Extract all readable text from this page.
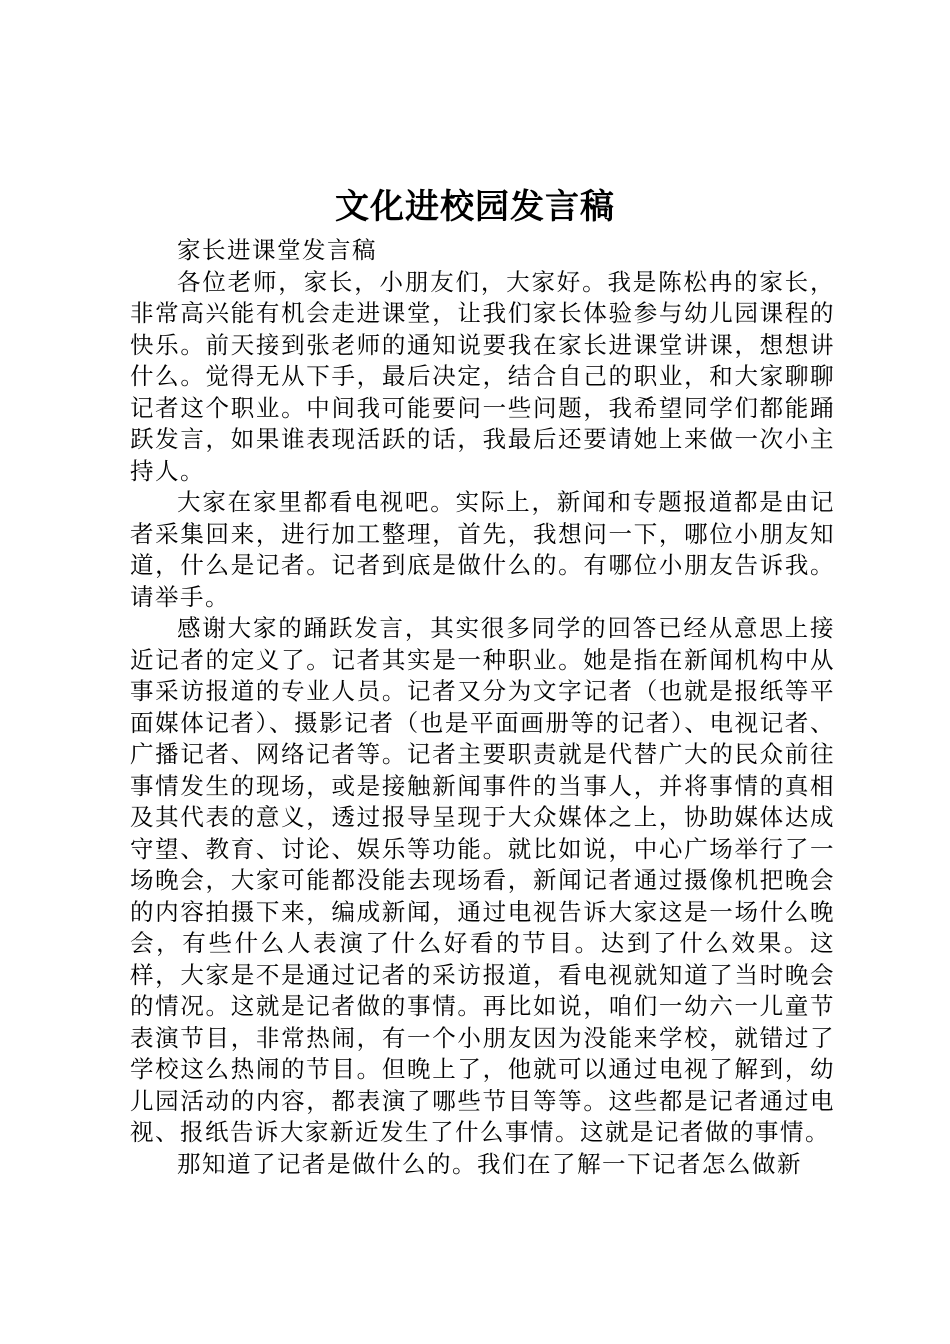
文化进校园发言稿

家长进课堂发言稿

各位老师，家长，小朋友们，大家好。我是陈松冉的家长，非常高兴能有机会走进课堂，让我们家长体验参与幼儿园课程的快乐。前天接到张老师的通知说要我在家长进课堂讲课，想想讲什么。觉得无从下手，最后决定，结合自己的职业，和大家聊聊记者这个职业。中间我可能要问一些问题，我希望同学们都能踊跃发言，如果谁表现活跃的话，我最后还要请她上来做一次小主持人。

大家在家里都看电视吧。实际上，新闻和专题报道都是由记者采集回来，进行加工整理，首先，我想问一下，哪位小朋友知道，什么是记者。记者到底是做什么的。有哪位小朋友告诉我。请举手。

感谢大家的踊跃发言，其实很多同学的回答已经从意思上接近记者的定义了。记者其实是一种职业。她是指在新闻机构中从事采访报道的专业人员。记者又分为文字记者（也就是报纸等平面媒体记者）、摄影记者（也是平面画册等的记者）、电视记者、广播记者、网络记者等。记者主要职责就是代替广大的民众前往事情发生的现场，或是接触新闻事件的当事人，并将事情的真相及其代表的意义，透过报导呈现于大众媒体之上，协助媒体达成守望、教育、讨论、娱乐等功能。就比如说，中心广场举行了一场晚会，大家可能都没能去现场看，新闻记者通过摄像机把晚会的内容拍摄下来，编成新闻，通过电视告诉大家这是一场什么晚会，有些什么人表演了什么好看的节目。达到了什么效果。这样，大家是不是通过记者的采访报道，看电视就知道了当时晚会的情况。这就是记者做的事情。再比如说，咱们一幼六一儿童节表演节目，非常热闹，有一个小朋友因为没能来学校，就错过了学校这么热闹的节目。但晚上了，他就可以通过电视了解到，幼儿园活动的内容，都表演了哪些节目等等。这些都是记者通过电视、报纸告诉大家新近发生了什么事情。这就是记者做的事情。

那知道了记者是做什么的。我们在了解一下记者怎么做新
